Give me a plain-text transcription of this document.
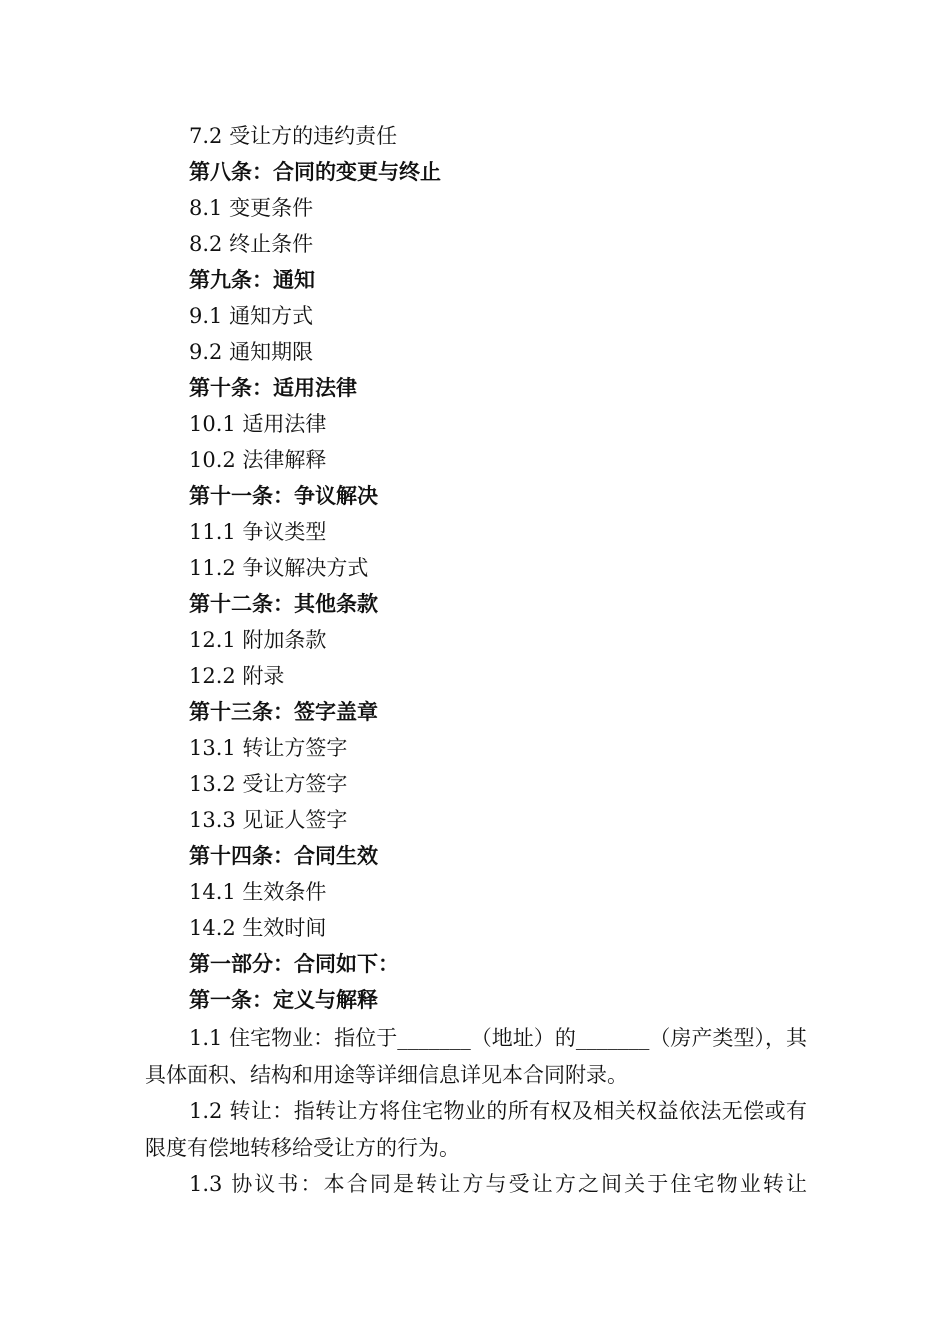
7.2 受让方的违约责任
第八条：合同的变更与终止
8.1 变更条件
8.2 终止条件
第九条：通知
9.1 通知方式
9.2 通知期限
第十条：适用法律
10.1 适用法律
10.2 法律解释
第十一条：争议解决
11.1 争议类型
11.2 争议解决方式
第十二条：其他条款
12.1 附加条款
12.2 附录
第十三条：签字盖章
13.1 转让方签字
13.2 受让方签字
13.3 见证人签字
第十四条：合同生效
14.1 生效条件
14.2 生效时间
第一部分：合同如下：
第一条：定义与解释
1.1 住宅物业：指位于_______（地址）的_______（房产类型），其具体面积、结构和用途等详细信息详见本合同附录。
1.2 转让：指转让方将住宅物业的所有权及相关权益依法无偿或有限度有偿地转移给受让方的行为。
1.3 协议书：本合同是转让方与受让方之间关于住宅物业转让
